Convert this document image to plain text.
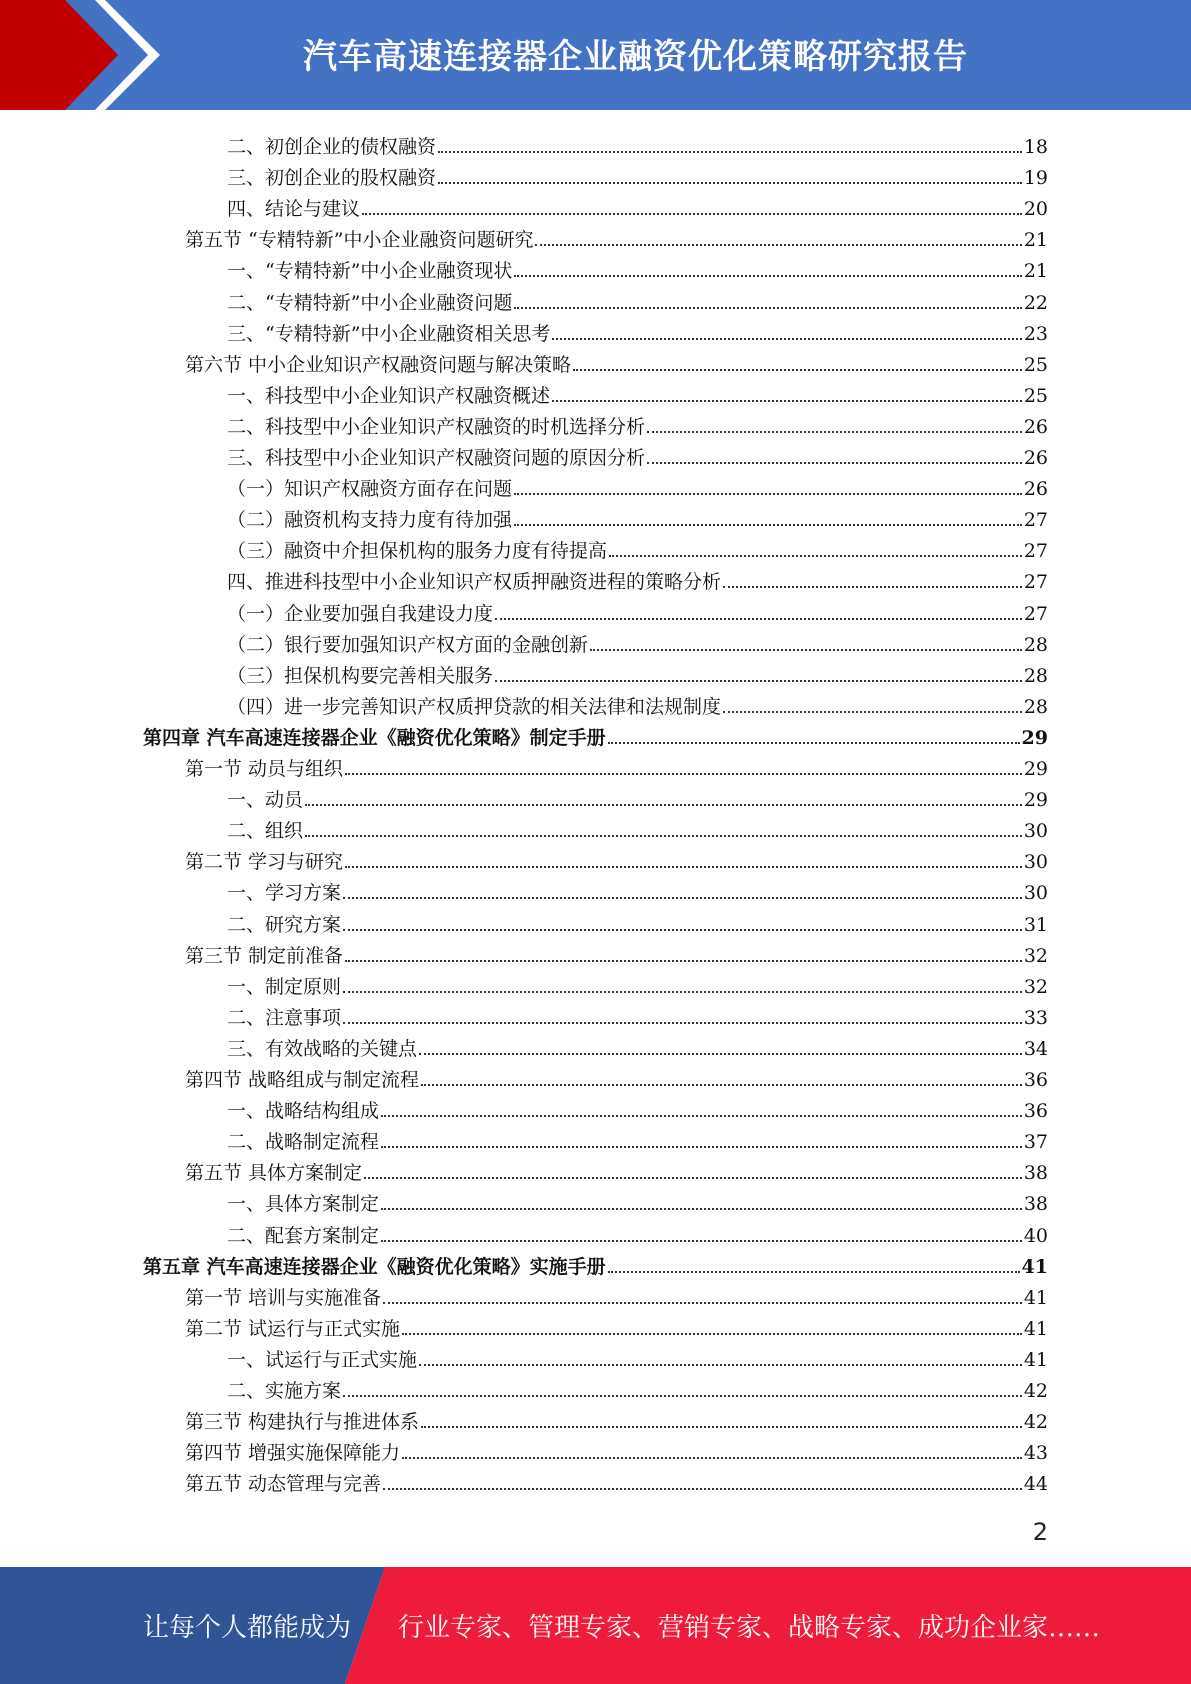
汽车高速连接器企业融资优化策略研究报告
二、初创企业的债权融资	18
三、初创企业的股权融资	19
四、结论与建议	20
第五节 “专精特新”中小企业融资问题研究	21
一、“专精特新”中小企业融资现状	21
二、“专精特新”中小企业融资问题	22
三、“专精特新”中小企业融资相关思考	23
第六节 中小企业知识产权融资问题与解决策略	25
一、科技型中小企业知识产权融资概述	25
二、科技型中小企业知识产权融资的时机选择分析	26
三、科技型中小企业知识产权融资问题的原因分析	26
（一）知识产权融资方面存在问题	26
（二）融资机构支持力度有待加强	27
（三）融资中介担保机构的服务力度有待提高	27
四、推进科技型中小企业知识产权质押融资进程的策略分析	27
（一）企业要加强自我建设力度	27
（二）银行要加强知识产权方面的金融创新	28
（三）担保机构要完善相关服务	28
（四）进一步完善知识产权质押贷款的相关法律和法规制度	28
第四章 汽车高速连接器企业《融资优化策略》制定手册	29
第一节 动员与组织	29
一、动员	29
二、组织	30
第二节 学习与研究	30
一、学习方案	30
二、研究方案	31
第三节 制定前准备	32
一、制定原则	32
二、注意事项	33
三、有效战略的关键点	34
第四节 战略组成与制定流程	36
一、战略结构组成	36
二、战略制定流程	37
第五节 具体方案制定	38
一、具体方案制定	38
二、配套方案制定	40
第五章 汽车高速连接器企业《融资优化策略》实施手册	41
第一节 培训与实施准备	41
第二节 试运行与正式实施	41
一、试运行与正式实施	41
二、实施方案	42
第三节 构建执行与推进体系	42
第四节 增强实施保障能力	43
第五节 动态管理与完善	44
2
让每个人都能成为 行业专家、管理专家、营销专家、战略专家、成功企业家……
